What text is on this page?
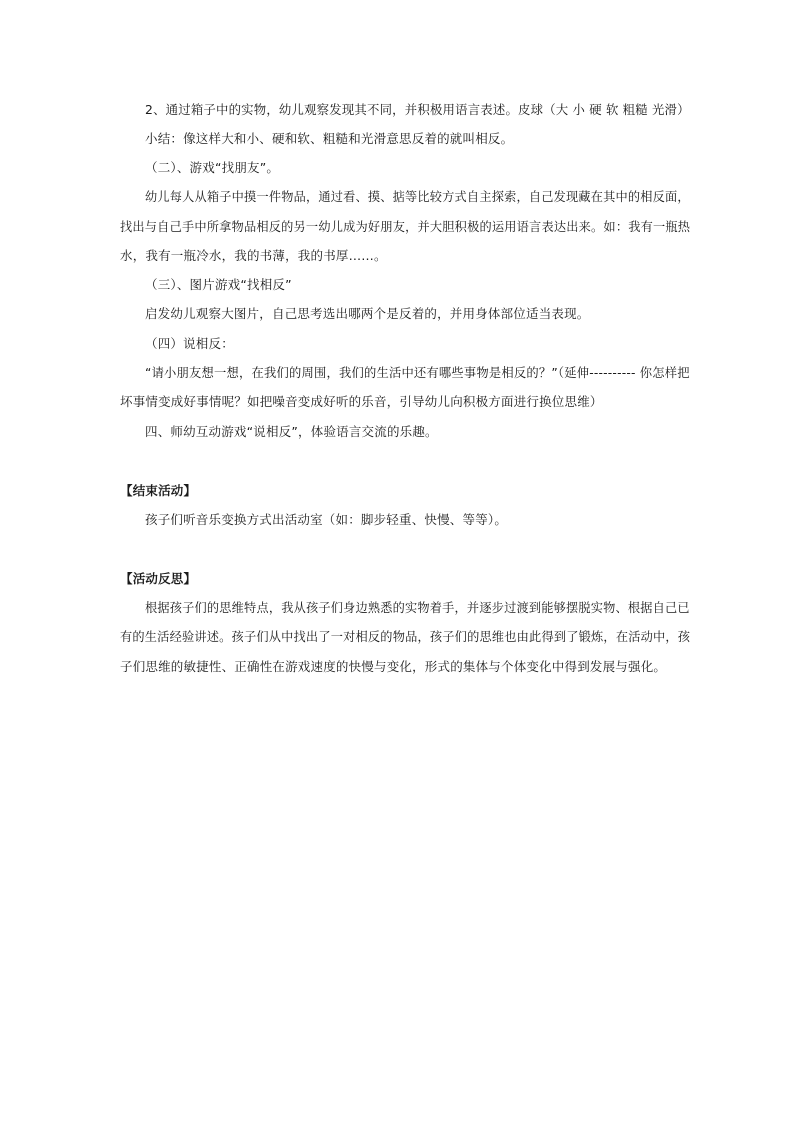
2、通过箱子中的实物，幼儿观察发现其不同，并积极用语言表述。皮球（大 小 硬 软 粗糙 光滑）
小结：像这样大和小、硬和软、粗糙和光滑意思反着的就叫相反。
（二）、游戏“找朋友”。
幼儿每人从箱子中摸一件物品，通过看、摸、掂等比较方式自主探索，自己发现藏在其中的相反面，
找出与自己手中所拿物品相反的另一幼儿成为好朋友，并大胆积极的运用语言表达出来。如：我有一瓶热
水，我有一瓶冷水，我的书薄，我的书厚……。
（三）、图片游戏“找相反”
启发幼儿观察大图片，自己思考选出哪两个是反着的，并用身体部位适当表现。
（四）说相反：
“请小朋友想一想，在我们的周围，我们的生活中还有哪些事物是相反的？”（延伸---------- 你怎样把
坏事情变成好事情呢？如把噪音变成好听的乐音，引导幼儿向积极方面进行换位思维）
四、师幼互动游戏“说相反”，体验语言交流的乐趣。
【结束活动】
孩子们听音乐变换方式出活动室（如：脚步轻重、快慢、等等）。
【活动反思】
根据孩子们的思维特点，我从孩子们身边熟悉的实物着手，并逐步过渡到能够摆脱实物、根据自己已
有的生活经验讲述。孩子们从中找出了一对相反的物品，孩子们的思维也由此得到了锻炼，在活动中，孩
子们思维的敏捷性、正确性在游戏速度的快慢与变化，形式的集体与个体变化中得到发展与强化。
